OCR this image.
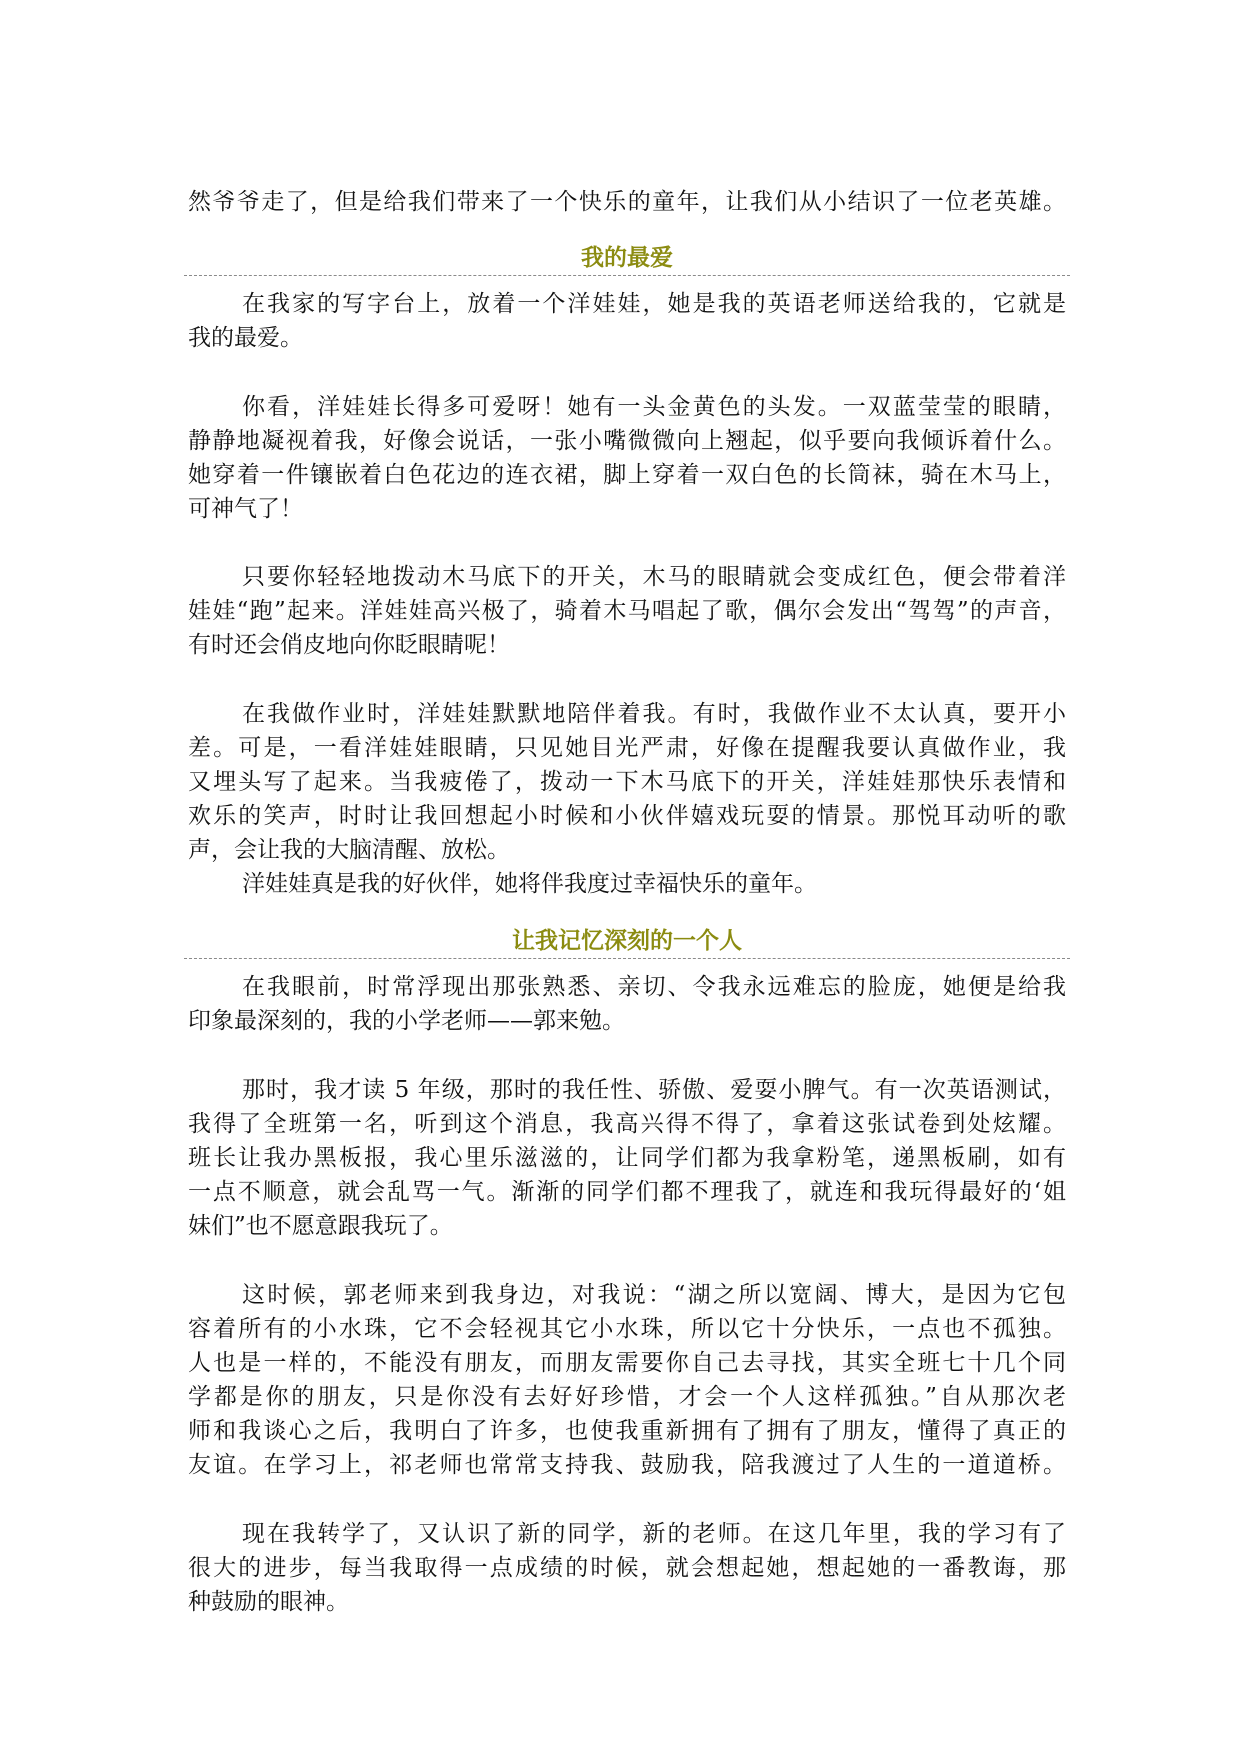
然爷爷走了，但是给我们带来了一个快乐的童年，让我们从小结识了一位老英雄。
我的最爱
在我家的写字台上，放着一个洋娃娃，她是我的英语老师送给我的，它就是
我的最爱。
你看，洋娃娃长得多可爱呀！她有一头金黄色的头发。一双蓝莹莹的眼睛，
静静地凝视着我，好像会说话，一张小嘴微微向上翘起，似乎要向我倾诉着什么。
她穿着一件镶嵌着白色花边的连衣裙，脚上穿着一双白色的长筒袜，骑在木马上，
可神气了！
只要你轻轻地拨动木马底下的开关，木马的眼睛就会变成红色，便会带着洋
娃娃“跑”起来。洋娃娃高兴极了，骑着木马唱起了歌，偶尔会发出“驾驾”的声音，
有时还会俏皮地向你眨眼睛呢！
在我做作业时，洋娃娃默默地陪伴着我。有时，我做作业不太认真，要开小
差。可是，一看洋娃娃眼睛，只见她目光严肃，好像在提醒我要认真做作业，我
又埋头写了起来。当我疲倦了，拨动一下木马底下的开关，洋娃娃那快乐表情和
欢乐的笑声，时时让我回想起小时候和小伙伴嬉戏玩耍的情景。那悦耳动听的歌
声，会让我的大脑清醒、放松。
洋娃娃真是我的好伙伴，她将伴我度过幸福快乐的童年。
让我记忆深刻的一个人
在我眼前，时常浮现出那张熟悉、亲切、令我永远难忘的脸庞，她便是给我
印象最深刻的，我的小学老师——郭来勉。
那时，我才读 5 年级，那时的我任性、骄傲、爱耍小脾气。有一次英语测试，
我得了全班第一名，听到这个消息，我高兴得不得了，拿着这张试卷到处炫耀。
班长让我办黑板报，我心里乐滋滋的，让同学们都为我拿粉笔，递黑板刷，如有
一点不顺意，就会乱骂一气。渐渐的同学们都不理我了，就连和我玩得最好的‘姐
妹们”也不愿意跟我玩了。
这时候，郭老师来到我身边，对我说：“湖之所以宽阔、博大，是因为它包
容着所有的小水珠，它不会轻视其它小水珠，所以它十分快乐，一点也不孤独。
人也是一样的，不能没有朋友，而朋友需要你自己去寻找，其实全班七十几个同
学都是你的朋友，只是你没有去好好珍惜，才会一个人这样孤独。”自从那次老
师和我谈心之后，我明白了许多，也使我重新拥有了拥有了朋友，懂得了真正的
友谊。在学习上，祁老师也常常支持我、鼓励我，陪我渡过了人生的一道道桥。
现在我转学了，又认识了新的同学，新的老师。在这几年里，我的学习有了
很大的进步，每当我取得一点成绩的时候，就会想起她，想起她的一番教诲，那
种鼓励的眼神。
